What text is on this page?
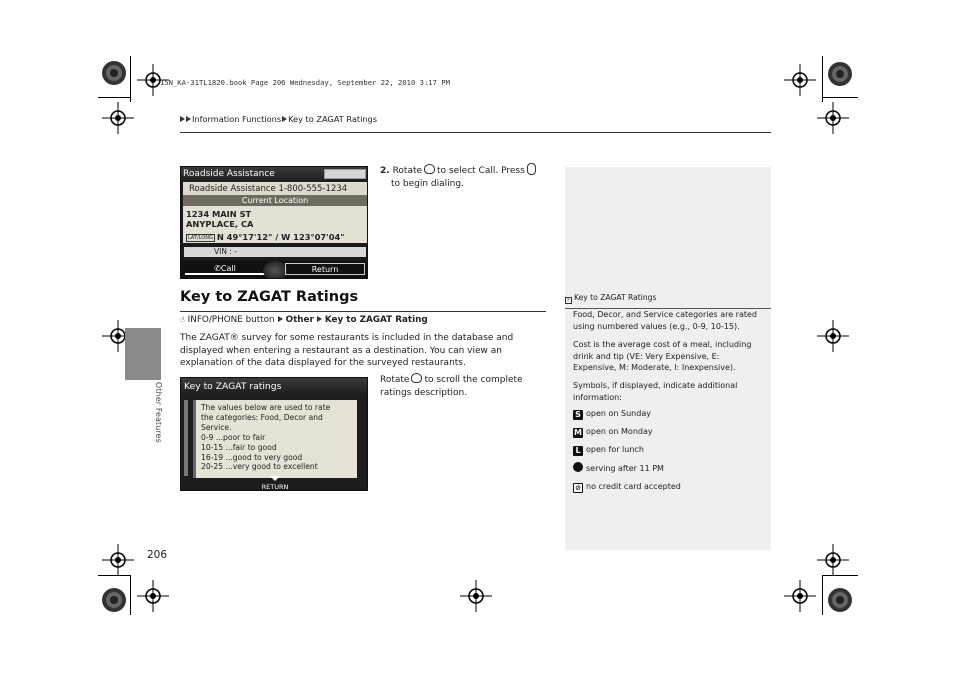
15N_KA-31TL1820.book Page 206 Wednesday, September 22, 2010 3:17 PM
Information Functions Key to ZAGAT Ratings
Other Features
Roadside Assistance
Roadside Assistance 1-800-555-1234
Current Location
1234 MAIN ST
ANYPLACE, CA
LAT/LONG N 49°17'12" / W 123°07'04"
VIN : -
✆Call	Return
2. Rotate to select Call. Press
to begin dialing.
» Key to ZAGAT Ratings
Food, Decor, and Service categories are rated using numbered values (e.g., 0-9, 10-15).
Cost is the average cost of a meal, including drink and tip (VE: Very Expensive, E: Expensive, M: Moderate, I: Inexpensive).
Symbols, if displayed, indicate additional information:
S open on Sunday
M open on Monday
L open for lunch
serving after 11 PM
⊘ no credit card accepted
Key to ZAGAT Ratings
☝ INFO/PHONE button Other Key to ZAGAT Rating
The ZAGAT® survey for some restaurants is included in the database and displayed when entering a restaurant as a destination. You can view an explanation of the data displayed for the surveyed restaurants.
Key to ZAGAT ratings
The values below are used to rate
the categories: Food, Decor and
Service.
0-9 ...poor to fair
10-15 ...fair to good
16-19 ...good to very good
20-25 ...very good to excellent
RETURN
Rotate to scroll the complete ratings description.
206
